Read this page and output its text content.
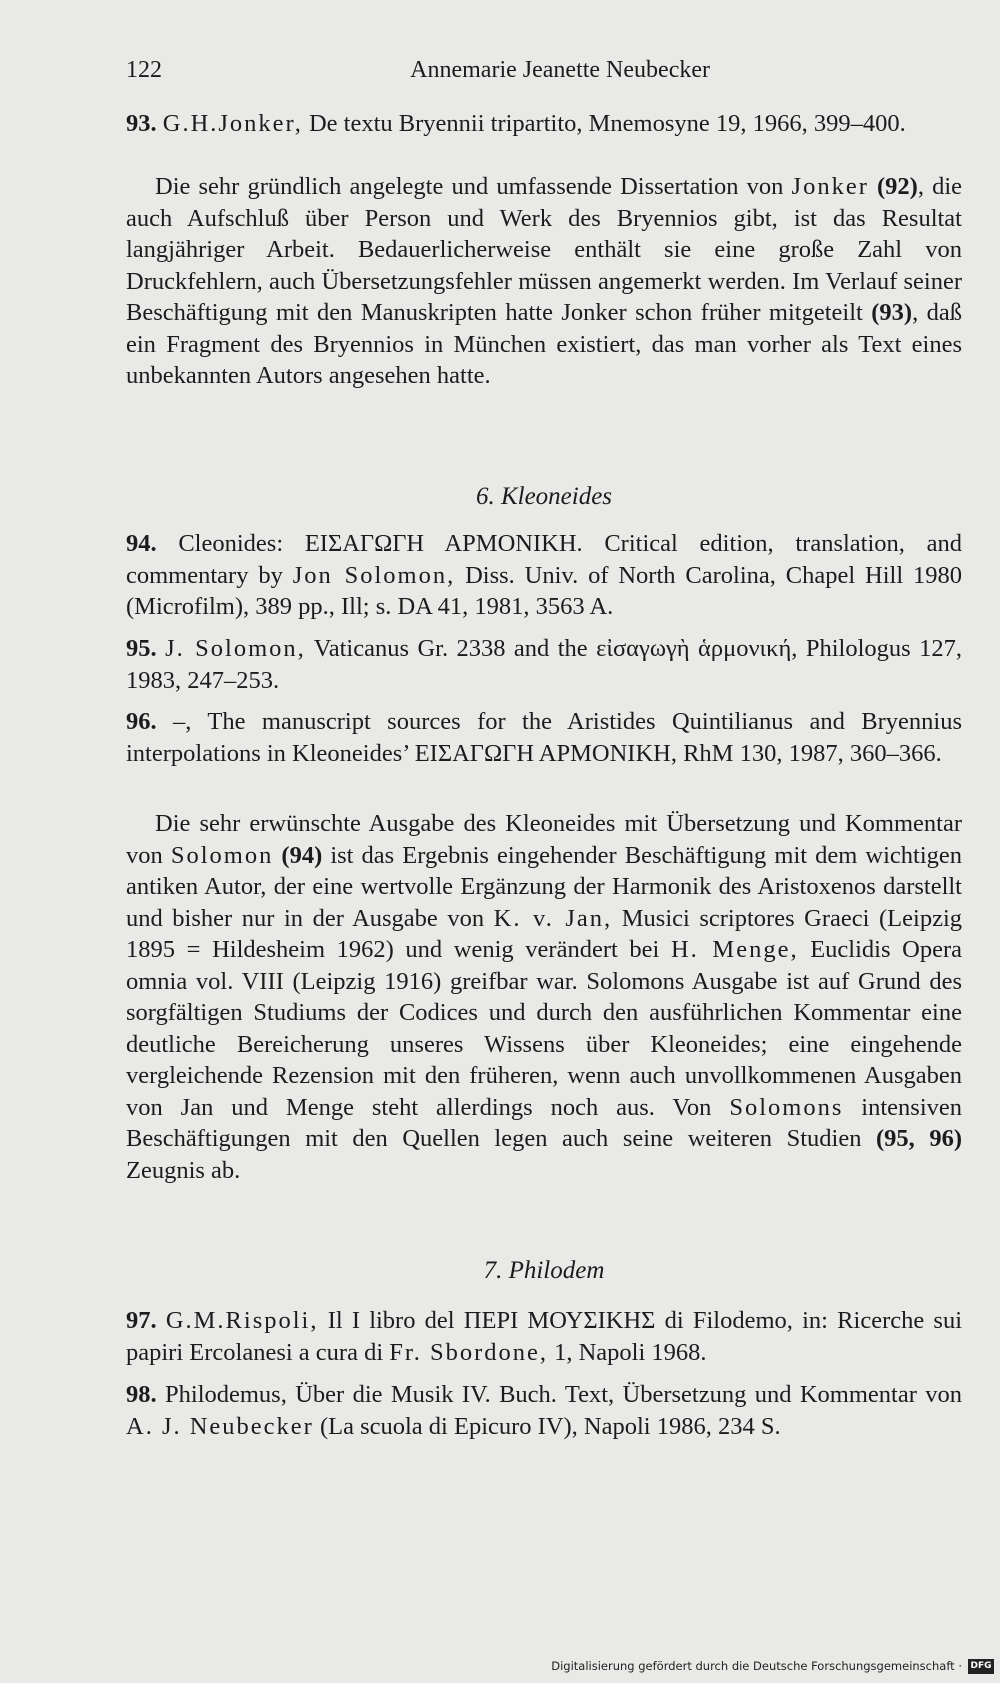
122	Annemarie Jeanette Neubecker

93. G.H.Jonker, De textu Bryennii tripartito, Mnemosyne 19, 1966, 399–400.

Die sehr gründlich angelegte und umfassende Dissertation von Jonker (92), die auch Aufschluß über Person und Werk des Bryennios gibt, ist das Resultat langjähriger Arbeit. Bedauerlicherweise enthält sie eine große Zahl von Druckfehlern, auch Übersetzungsfehler müssen angemerkt werden. Im Verlauf seiner Beschäftigung mit den Manuskripten hatte Jonker schon früher mitgeteilt (93), daß ein Fragment des Bryennios in München existiert, das man vorher als Text eines unbekannten Autors angesehen hatte.

6. Kleoneides

94. Cleonides: ΕΙΣΑΓΩΓΗ ΑΡΜΟΝΙΚΗ. Critical edition, translation, and commentary by Jon Solomon, Diss. Univ. of North Carolina, Chapel Hill 1980 (Microfilm), 389 pp., Ill; s. DA 41, 1981, 3563 A.

95. J. Solomon, Vaticanus Gr. 2338 and the εἰσαγωγὴ ἁρμονική, Philologus 127, 1983, 247–253.

96. –, The manuscript sources for the Aristides Quintilianus and Bryennius interpolations in Kleoneides’ ΕΙΣΑΓΩΓΗ ΑΡΜΟΝΙΚΗ, RhM 130, 1987, 360–366.

Die sehr erwünschte Ausgabe des Kleoneides mit Übersetzung und Kommentar von Solomon (94) ist das Ergebnis eingehender Beschäftigung mit dem wichtigen antiken Autor, der eine wertvolle Ergänzung der Harmonik des Aristoxenos darstellt und bisher nur in der Ausgabe von K. v. Jan, Musici scriptores Graeci (Leipzig 1895 = Hildesheim 1962) und wenig verändert bei H. Menge, Euclidis Opera omnia vol. VIII (Leipzig 1916) greifbar war. Solomons Ausgabe ist auf Grund des sorgfältigen Studiums der Codices und durch den ausführlichen Kommentar eine deutliche Bereicherung unseres Wissens über Kleoneides; eine eingehende vergleichende Rezension mit den früheren, wenn auch unvollkommenen Ausgaben von Jan und Menge steht allerdings noch aus. Von Solomons intensiven Beschäftigungen mit den Quellen legen auch seine weiteren Studien (95, 96) Zeugnis ab.

7. Philodem

97. G.M.Rispoli, Il I libro del ΠΕΡΙ ΜΟΥΣΙΚΗΣ di Filodemo, in: Ricerche sui papiri Ercolanesi a cura di Fr. Sbordone, 1, Napoli 1968.

98. Philodemus, Über die Musik IV. Buch. Text, Übersetzung und Kommentar von A. J. Neubecker (La scuola di Epicuro IV), Napoli 1986, 234 S.

Digitalisierung gefördert durch die Deutsche Forschungsgemeinschaft · DFG
